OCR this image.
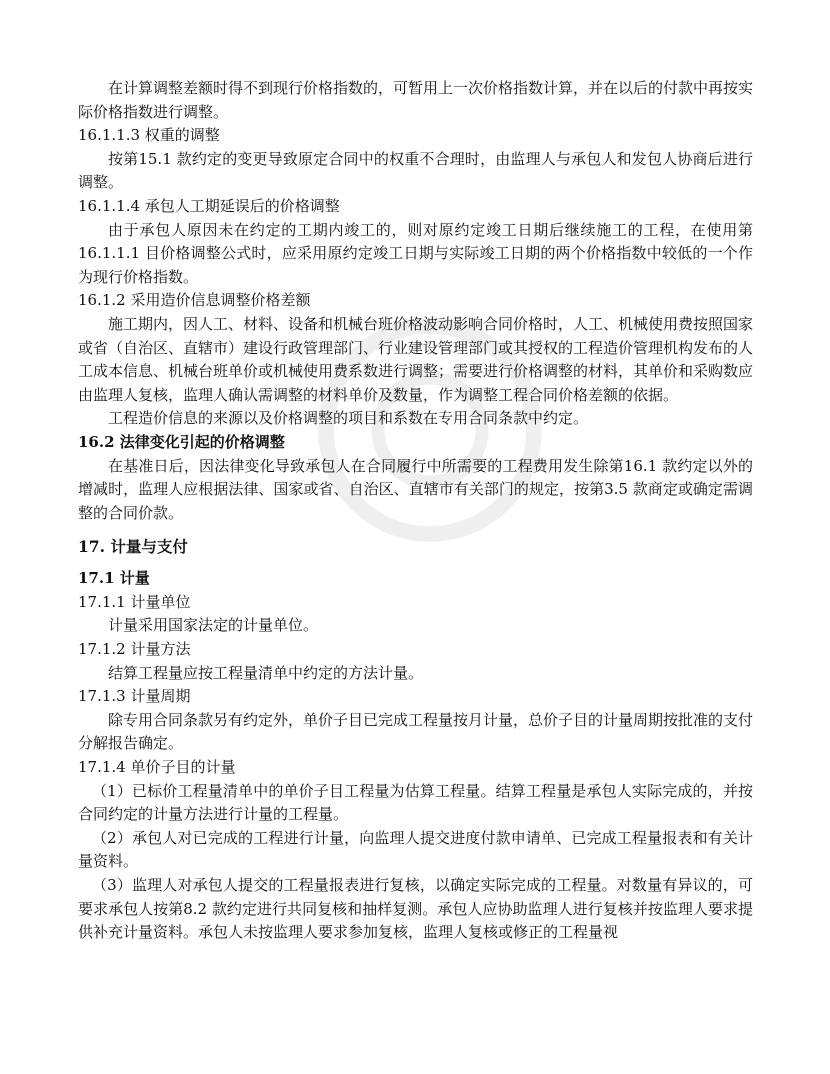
在计算调整差额时得不到现行价格指数的，可暂用上一次价格指数计算，并在以后的付款中再按实际价格指数进行调整。

16.1.1.3 权重的调整

按第15.1 款约定的变更导致原定合同中的权重不合理时，由监理人与承包人和发包人协商后进行调整。

16.1.1.4 承包人工期延误后的价格调整

由于承包人原因未在约定的工期内竣工的，则对原约定竣工日期后继续施工的工程，在使用第16.1.1.1 目价格调整公式时，应采用原约定竣工日期与实际竣工日期的两个价格指数中较低的一个作为现行价格指数。

16.1.2 采用造价信息调整价格差额

施工期内，因人工、材料、设备和机械台班价格波动影响合同价格时，人工、机械使用费按照国家或省（自治区、直辖市）建设行政管理部门、行业建设管理部门或其授权的工程造价管理机构发布的人工成本信息、机械台班单价或机械使用费系数进行调整；需要进行价格调整的材料，其单价和采购数应由监理人复核，监理人确认需调整的材料单价及数量，作为调整工程合同价格差额的依据。

工程造价信息的来源以及价格调整的项目和系数在专用合同条款中约定。

16.2 法律变化引起的价格调整

在基准日后，因法律变化导致承包人在合同履行中所需要的工程费用发生除第16.1 款约定以外的增减时，监理人应根据法律、国家或省、自治区、直辖市有关部门的规定，按第3.5 款商定或确定需调整的合同价款。

17. 计量与支付

17.1 计量

17.1.1 计量单位

计量采用国家法定的计量单位。

17.1.2 计量方法

结算工程量应按工程量清单中约定的方法计量。

17.1.3 计量周期

除专用合同条款另有约定外，单价子目已完成工程量按月计量，总价子目的计量周期按批准的支付分解报告确定。

17.1.4 单价子目的计量

（1）已标价工程量清单中的单价子目工程量为估算工程量。结算工程量是承包人实际完成的，并按合同约定的计量方法进行计量的工程量。

（2）承包人对已完成的工程进行计量，向监理人提交进度付款申请单、已完成工程量报表和有关计量资料。

（3）监理人对承包人提交的工程量报表进行复核，以确定实际完成的工程量。对数量有异议的，可要求承包人按第8.2 款约定进行共同复核和抽样复测。承包人应协助监理人进行复核并按监理人要求提供补充计量资料。承包人未按监理人要求参加复核，监理人复核或修正的工程量视
